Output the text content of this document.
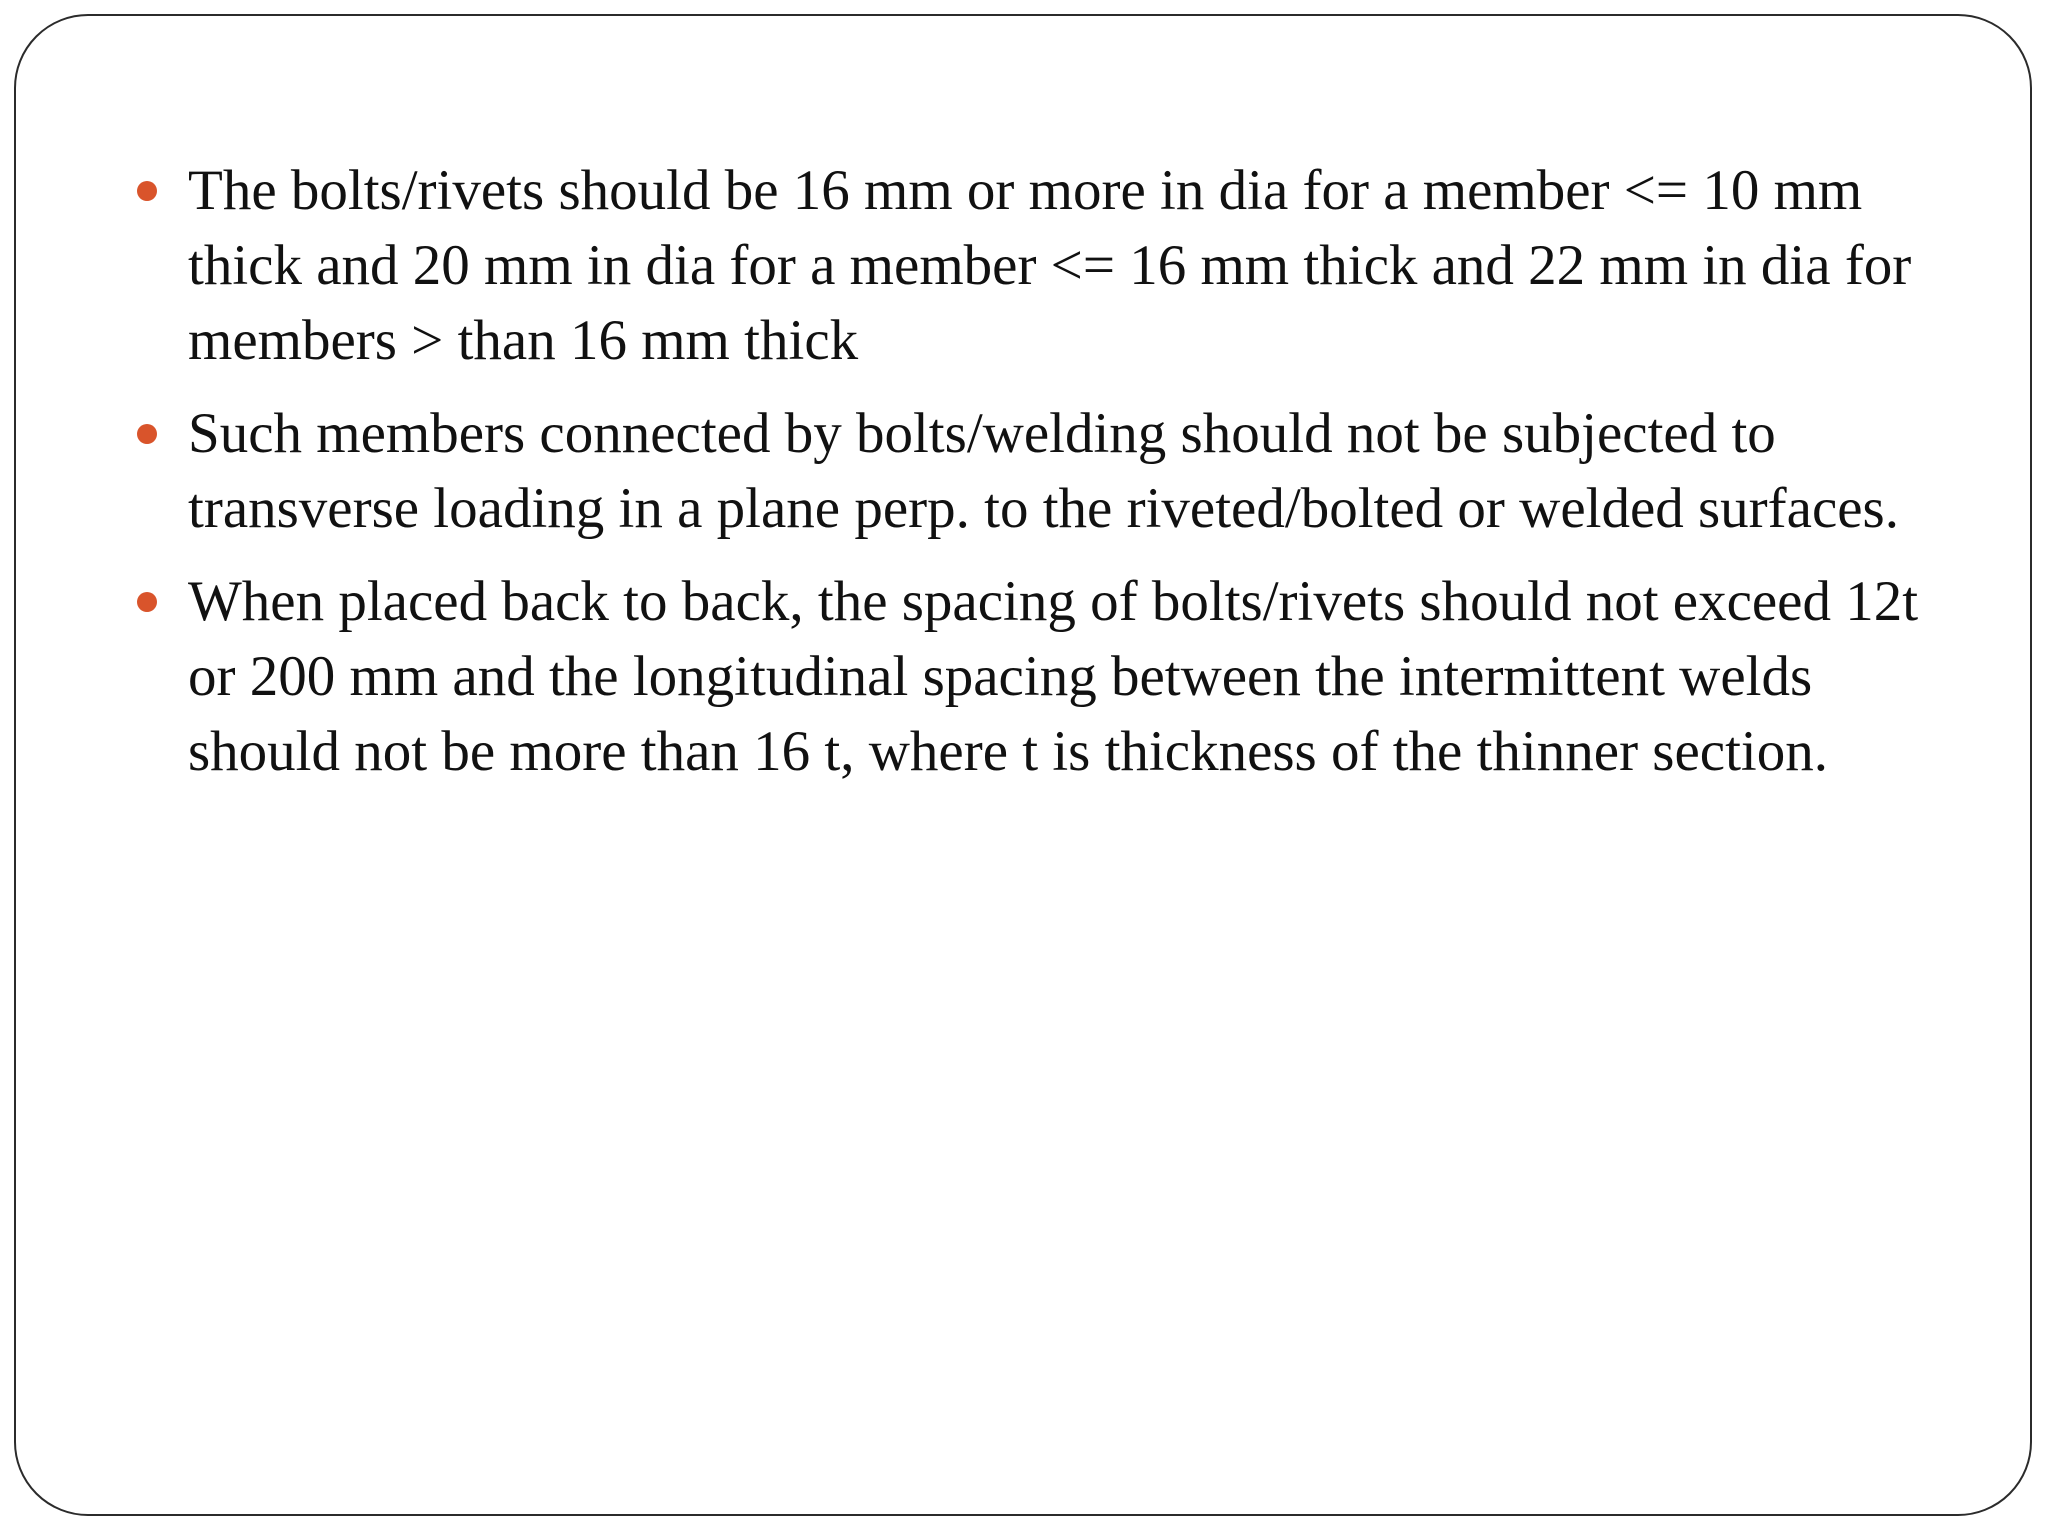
The bolts/rivets should be 16 mm or more in dia for a member <= 10 mm thick and 20 mm in dia for a member <= 16 mm thick and 22 mm in dia for members > than 16 mm thick
Such members connected by bolts/welding should not be subjected to transverse loading in a plane perp. to the riveted/bolted or welded surfaces.
When placed back to back, the spacing of bolts/rivets should not exceed 12t or 200 mm and the longitudinal spacing between the intermittent welds should not be more than 16 t, where t is thickness of the thinner section.
